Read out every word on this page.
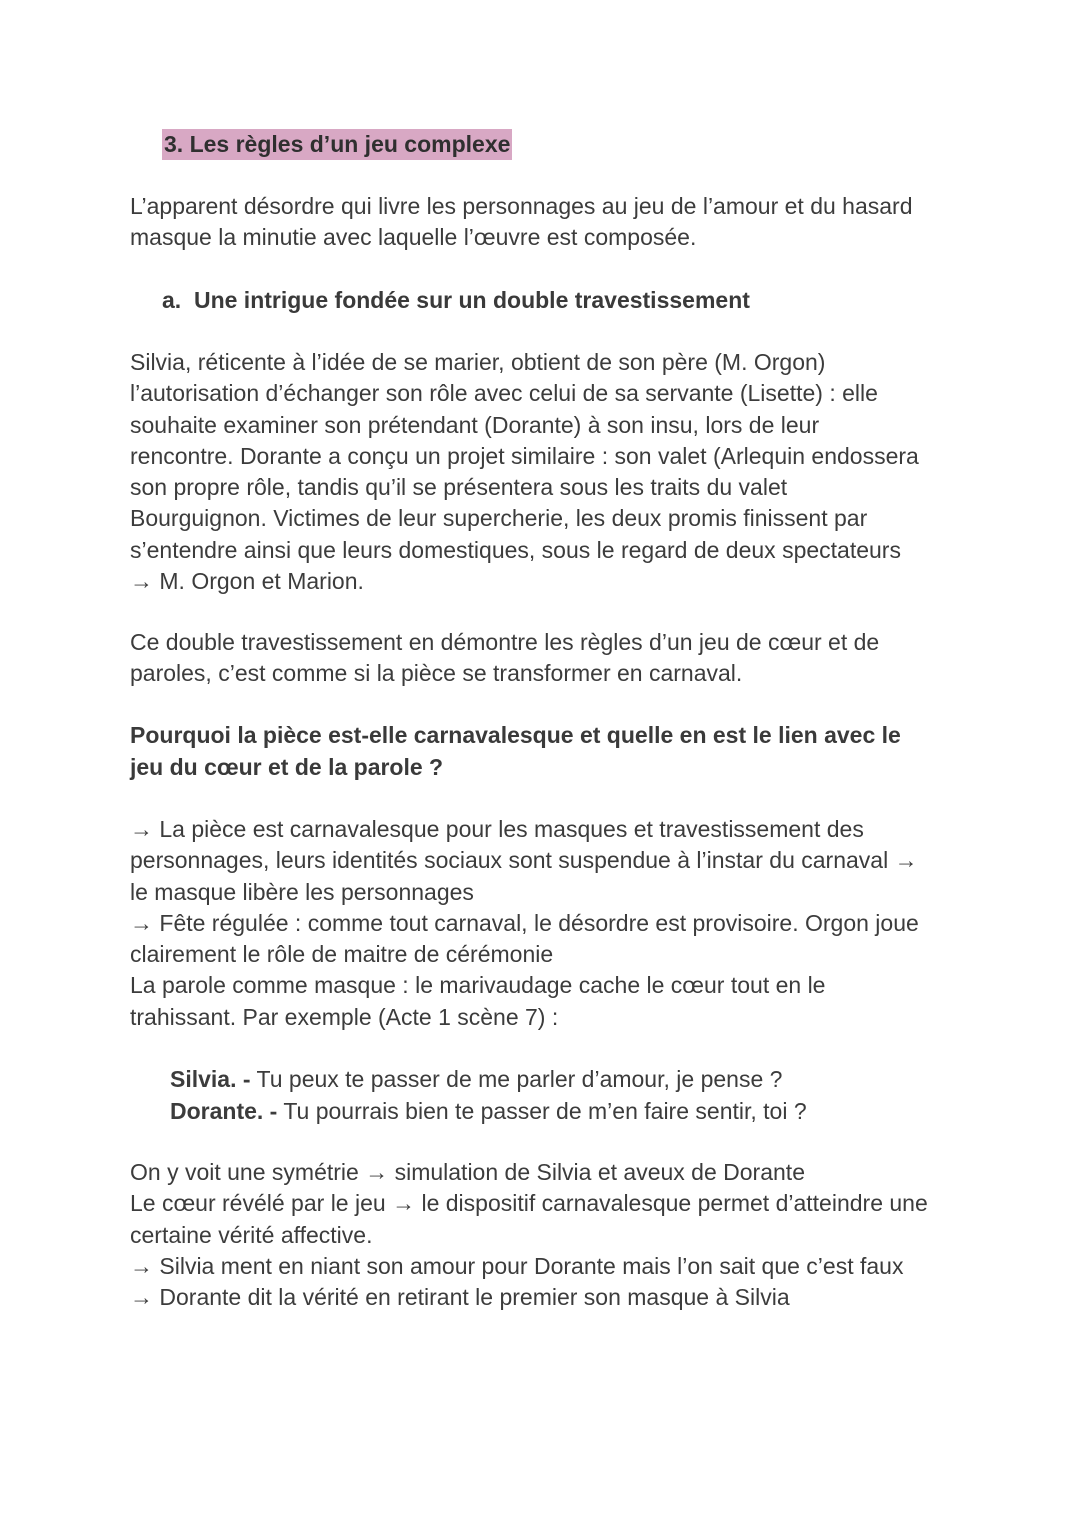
3. Les règles d’un jeu complexe

L’apparent désordre qui livre les personnages au jeu de l’amour et du hasard
masque la minutie avec laquelle l’œuvre est composée.

a. Une intrigue fondée sur un double travestissement

Silvia, réticente à l’idée de se marier, obtient de son père (M. Orgon)
l’autorisation d’échanger son rôle avec celui de sa servante (Lisette) : elle
souhaite examiner son prétendant (Dorante) à son insu, lors de leur
rencontre. Dorante a conçu un projet similaire : son valet (Arlequin endossera
son propre rôle, tandis qu’il se présentera sous les traits du valet
Bourguignon. Victimes de leur supercherie, les deux promis finissent par
s’entendre ainsi que leurs domestiques, sous le regard de deux spectateurs
→ M. Orgon et Marion.

Ce double travestissement en démontre les règles d’un jeu de cœur et de
paroles, c’est comme si la pièce se transformer en carnaval.

Pourquoi la pièce est-elle carnavalesque et quelle en est le lien avec le
jeu du cœur et de la parole ?

→ La pièce est carnavalesque pour les masques et travestissement des
personnages, leurs identités sociaux sont suspendue à l’instar du carnaval →
le masque libère les personnages
→ Fête régulée : comme tout carnaval, le désordre est provisoire. Orgon joue
clairement le rôle de maitre de cérémonie
La parole comme masque : le marivaudage cache le cœur tout en le
trahissant. Par exemple (Acte 1 scène 7) :

Silvia. - Tu peux te passer de me parler d’amour, je pense ?
Dorante. - Tu pourrais bien te passer de m’en faire sentir, toi ?

On y voit une symétrie → simulation de Silvia et aveux de Dorante
Le cœur révélé par le jeu → le dispositif carnavalesque permet d’atteindre une
certaine vérité affective.
→ Silvia ment en niant son amour pour Dorante mais l’on sait que c’est faux
→ Dorante dit la vérité en retirant le premier son masque à Silvia
